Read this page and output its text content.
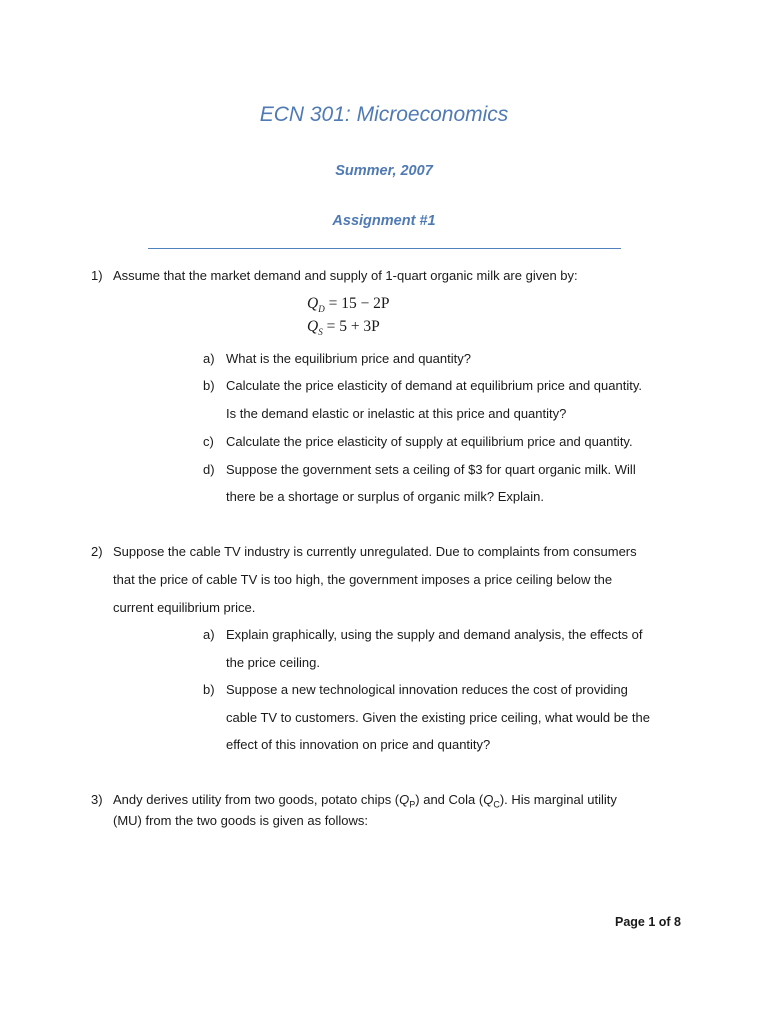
ECN 301: Microeconomics
Summer, 2007
Assignment #1
1) Assume that the market demand and supply of 1-quart organic milk are given by:
$Q_D = 15 - 2P$
$Q_S = 5 + 3P$
a) What is the equilibrium price and quantity?
b) Calculate the price elasticity of demand at equilibrium price and quantity.
Is the demand elastic or inelastic at this price and quantity?
c) Calculate the price elasticity of supply at equilibrium price and quantity.
d) Suppose the government sets a ceiling of $3 for quart organic milk. Will
there be a shortage or surplus of organic milk? Explain.
2) Suppose the cable TV industry is currently unregulated. Due to complaints from consumers
that the price of cable TV is too high, the government imposes a price ceiling below the
current equilibrium price.
a) Explain graphically, using the supply and demand analysis, the effects of
the price ceiling.
b) Suppose a new technological innovation reduces the cost of providing
cable TV to customers. Given the existing price ceiling, what would be the
effect of this innovation on price and quantity?
3) Andy derives utility from two goods, potato chips $(Q_P)$ and Cola $(Q_C)$. His marginal utility
(MU) from the two goods is given as follows:
Page 1 of 8
